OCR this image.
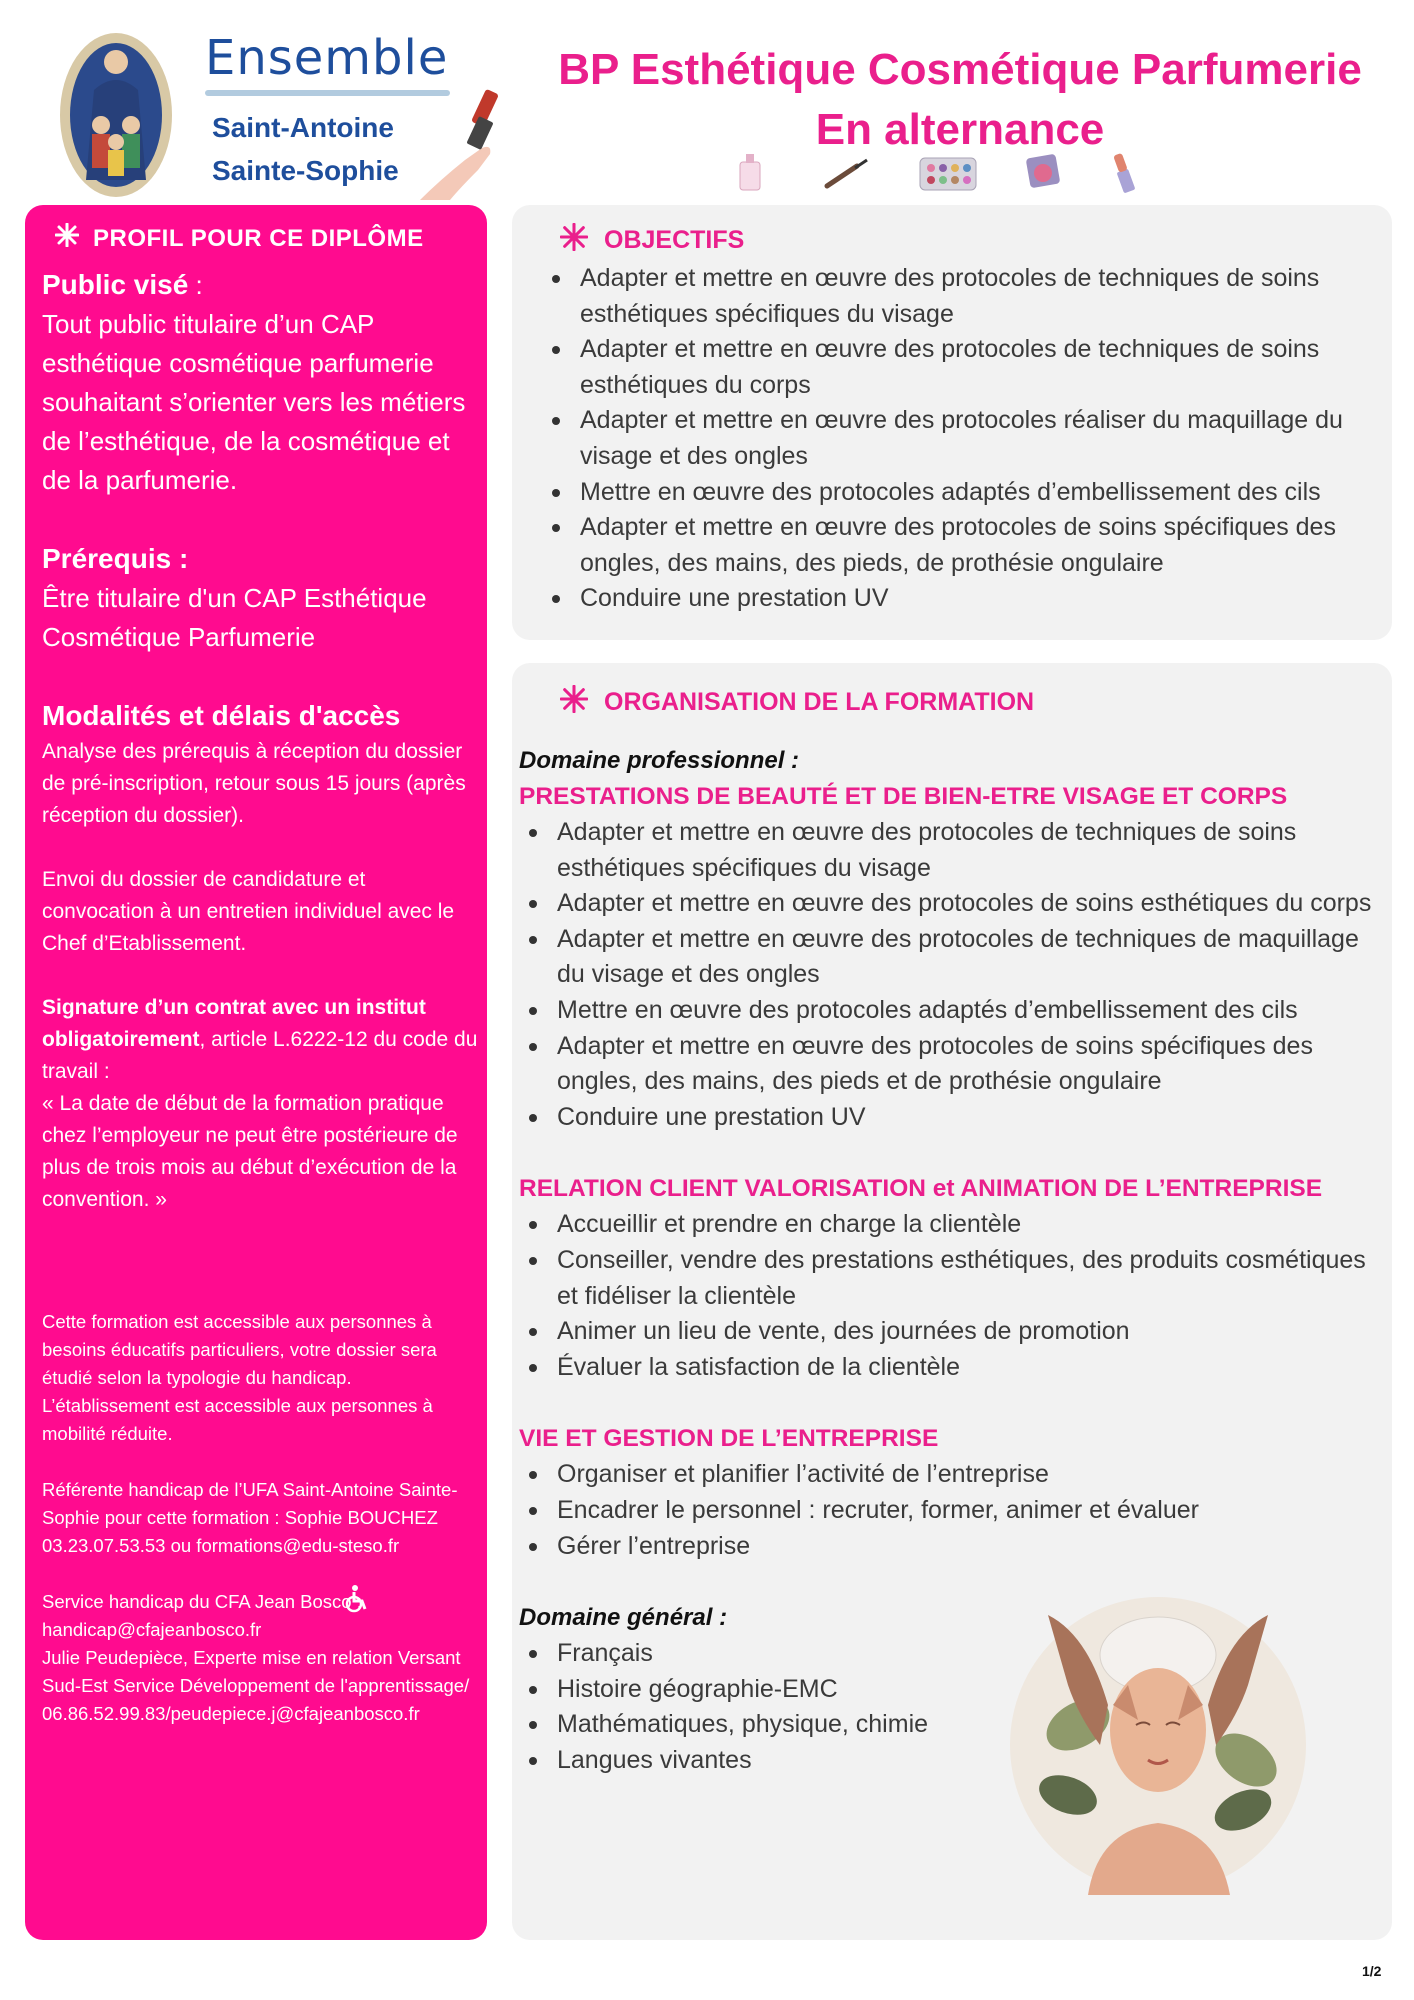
Ensemble
Saint-Antoine
Sainte-Sophie
BP Esthétique Cosmétique Parfumerie
En alternance
PROFIL POUR CE DIPLÔME
Public visé :
Tout public titulaire d’un CAP esthétique cosmétique parfumerie souhaitant s’orienter vers les métiers de l’esthétique, de la cosmétique et de la parfumerie.
Prérequis :
Être titulaire d'un CAP Esthétique Cosmétique Parfumerie
Modalités et délais d'accès
Analyse des prérequis à réception du dossier de pré-inscription, retour sous 15 jours (après réception du dossier).
Envoi du dossier de candidature et convocation à un entretien individuel avec le Chef d’Etablissement.
Signature d’un contrat avec un institut obligatoirement, article L.6222-12 du code du travail :
« La date de début de la formation pratique chez l’employeur ne peut être postérieure de plus de trois mois au début d’exécution de la convention. »
Cette formation est accessible aux personnes à besoins éducatifs particuliers, votre dossier sera étudié selon la typologie du handicap. L’établissement est accessible aux personnes à mobilité réduite.
Référente handicap de l’UFA Saint-Antoine Sainte-Sophie pour cette formation : Sophie BOUCHEZ 03.23.07.53.53 ou formations@edu-steso.fr
Service handicap du CFA Jean Bosco :
handicap@cfajeanbosco.fr
Julie Peudepièce, Experte mise en relation Versant Sud-Est Service Développement de l'apprentissage/
06.86.52.99.83/peudepiece.j@cfajeanbosco.fr
OBJECTIFS
Adapter et mettre en œuvre des protocoles de techniques de soins esthétiques spécifiques du visage
Adapter et mettre en œuvre des protocoles de techniques de soins esthétiques du corps
Adapter et mettre en œuvre des protocoles réaliser du maquillage du visage et des ongles
Mettre en œuvre des protocoles adaptés d’embellissement des cils
Adapter et mettre en œuvre des protocoles de soins spécifiques des ongles, des mains, des pieds, de prothésie ongulaire
Conduire une prestation UV
ORGANISATION DE LA FORMATION
Domaine professionnel :
PRESTATIONS DE BEAUTÉ ET DE BIEN-ETRE VISAGE ET CORPS
Adapter et mettre en œuvre des protocoles de techniques de soins esthétiques spécifiques du visage
Adapter et mettre en œuvre des protocoles de soins esthétiques du corps
Adapter et mettre en œuvre des protocoles de techniques de maquillage du visage et des ongles
Mettre en œuvre des protocoles adaptés d’embellissement des cils
Adapter et mettre en œuvre des protocoles de soins spécifiques des ongles, des mains, des pieds et de prothésie ongulaire
Conduire une prestation UV
RELATION CLIENT VALORISATION et ANIMATION DE L’ENTREPRISE
Accueillir et prendre en charge la clientèle
Conseiller, vendre des prestations esthétiques, des produits cosmétiques et fidéliser la clientèle
Animer un lieu de vente, des journées de promotion
Évaluer la satisfaction de la clientèle
VIE ET GESTION DE L’ENTREPRISE
Organiser et planifier l’activité de l’entreprise
Encadrer le personnel : recruter, former, animer et évaluer
Gérer l’entreprise
Domaine général :
Français
Histoire géographie-EMC
Mathématiques, physique, chimie
Langues vivantes
1/2
